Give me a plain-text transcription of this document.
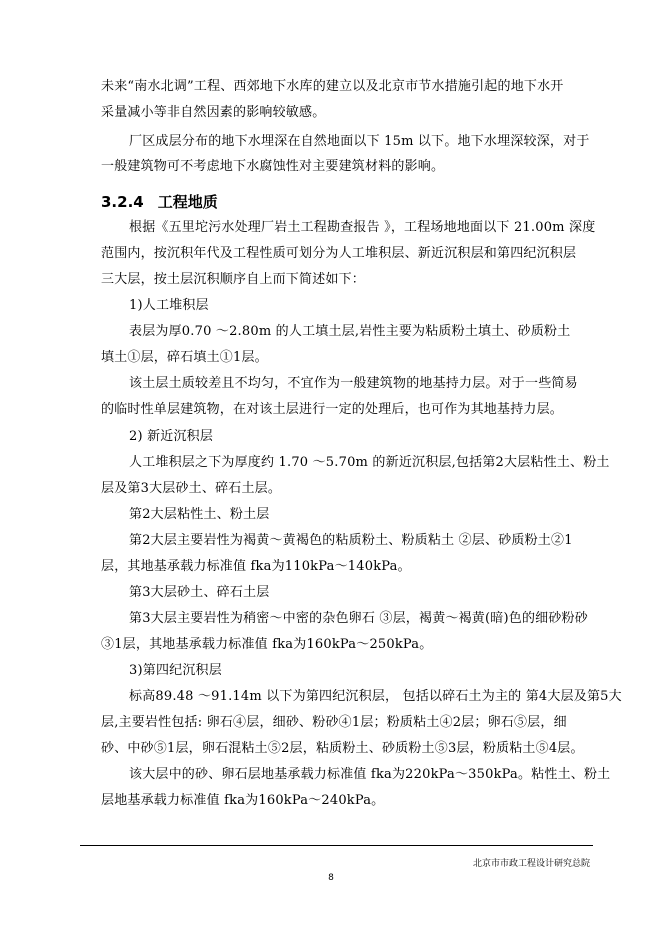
未来“南水北调”工程、西郊地下水库的建立以及北京市节水措施引起的地下水开
采量减小等非自然因素的影响较敏感。
厂区成层分布的地下水埋深在自然地面以下 15m 以下。地下水埋深较深，对于
一般建筑物可不考虑地下水腐蚀性对主要建筑材料的影响。
3.2.4 工程地质
根据《五里坨污水处理厂岩土工程勘查报告 》，工程场地地面以下 21.00m 深度
范围内，按沉积年代及工程性质可划分为人工堆积层、新近沉积层和第四纪沉积层
三大层，按土层沉积顺序自上而下简述如下：
1)人工堆积层
表层为厚0.70 ～2.80m 的人工填土层,岩性主要为粘质粉土填土、砂质粉土
填土①层，碎石填土①1层。
该土层土质较差且不均匀，不宜作为一般建筑物的地基持力层。对于一些简易
的临时性单层建筑物，在对该土层进行一定的处理后，也可作为其地基持力层。
2) 新近沉积层
人工堆积层之下为厚度约 1.70 ～5.70m 的新近沉积层,包括第2大层粘性土、粉土
层及第3大层砂土、碎石土层。
第2大层粘性土、粉土层
第2大层主要岩性为褐黄～黄褐色的粘质粉土、粉质粘土 ②层、砂质粉土②1
层，其地基承载力标准值 fka为110kPa～140kPa。
第3大层砂土、碎石土层
第3大层主要岩性为稍密～中密的杂色卵石 ③层，褐黄～褐黄(暗)色的细砂粉砂
③1层，其地基承载力标准值 fka为160kPa～250kPa。
3)第四纪沉积层
标高89.48 ～91.14m 以下为第四纪沉积层， 包括以碎石土为主的 第4大层及第5大
层,主要岩性包括: 卵石④层，细砂、粉砂④1层；粉质粘土④2层；卵石⑤层，细
砂、中砂⑤1层，卵石混粘土⑤2层，粘质粉土、砂质粉土⑤3层，粉质粘土⑤4层。
该大层中的砂、卵石层地基承载力标准值 fka为220kPa～350kPa。粘性土、粉土
层地基承载力标准值 fka为160kPa～240kPa。
北京市市政工程设计研究总院
8
